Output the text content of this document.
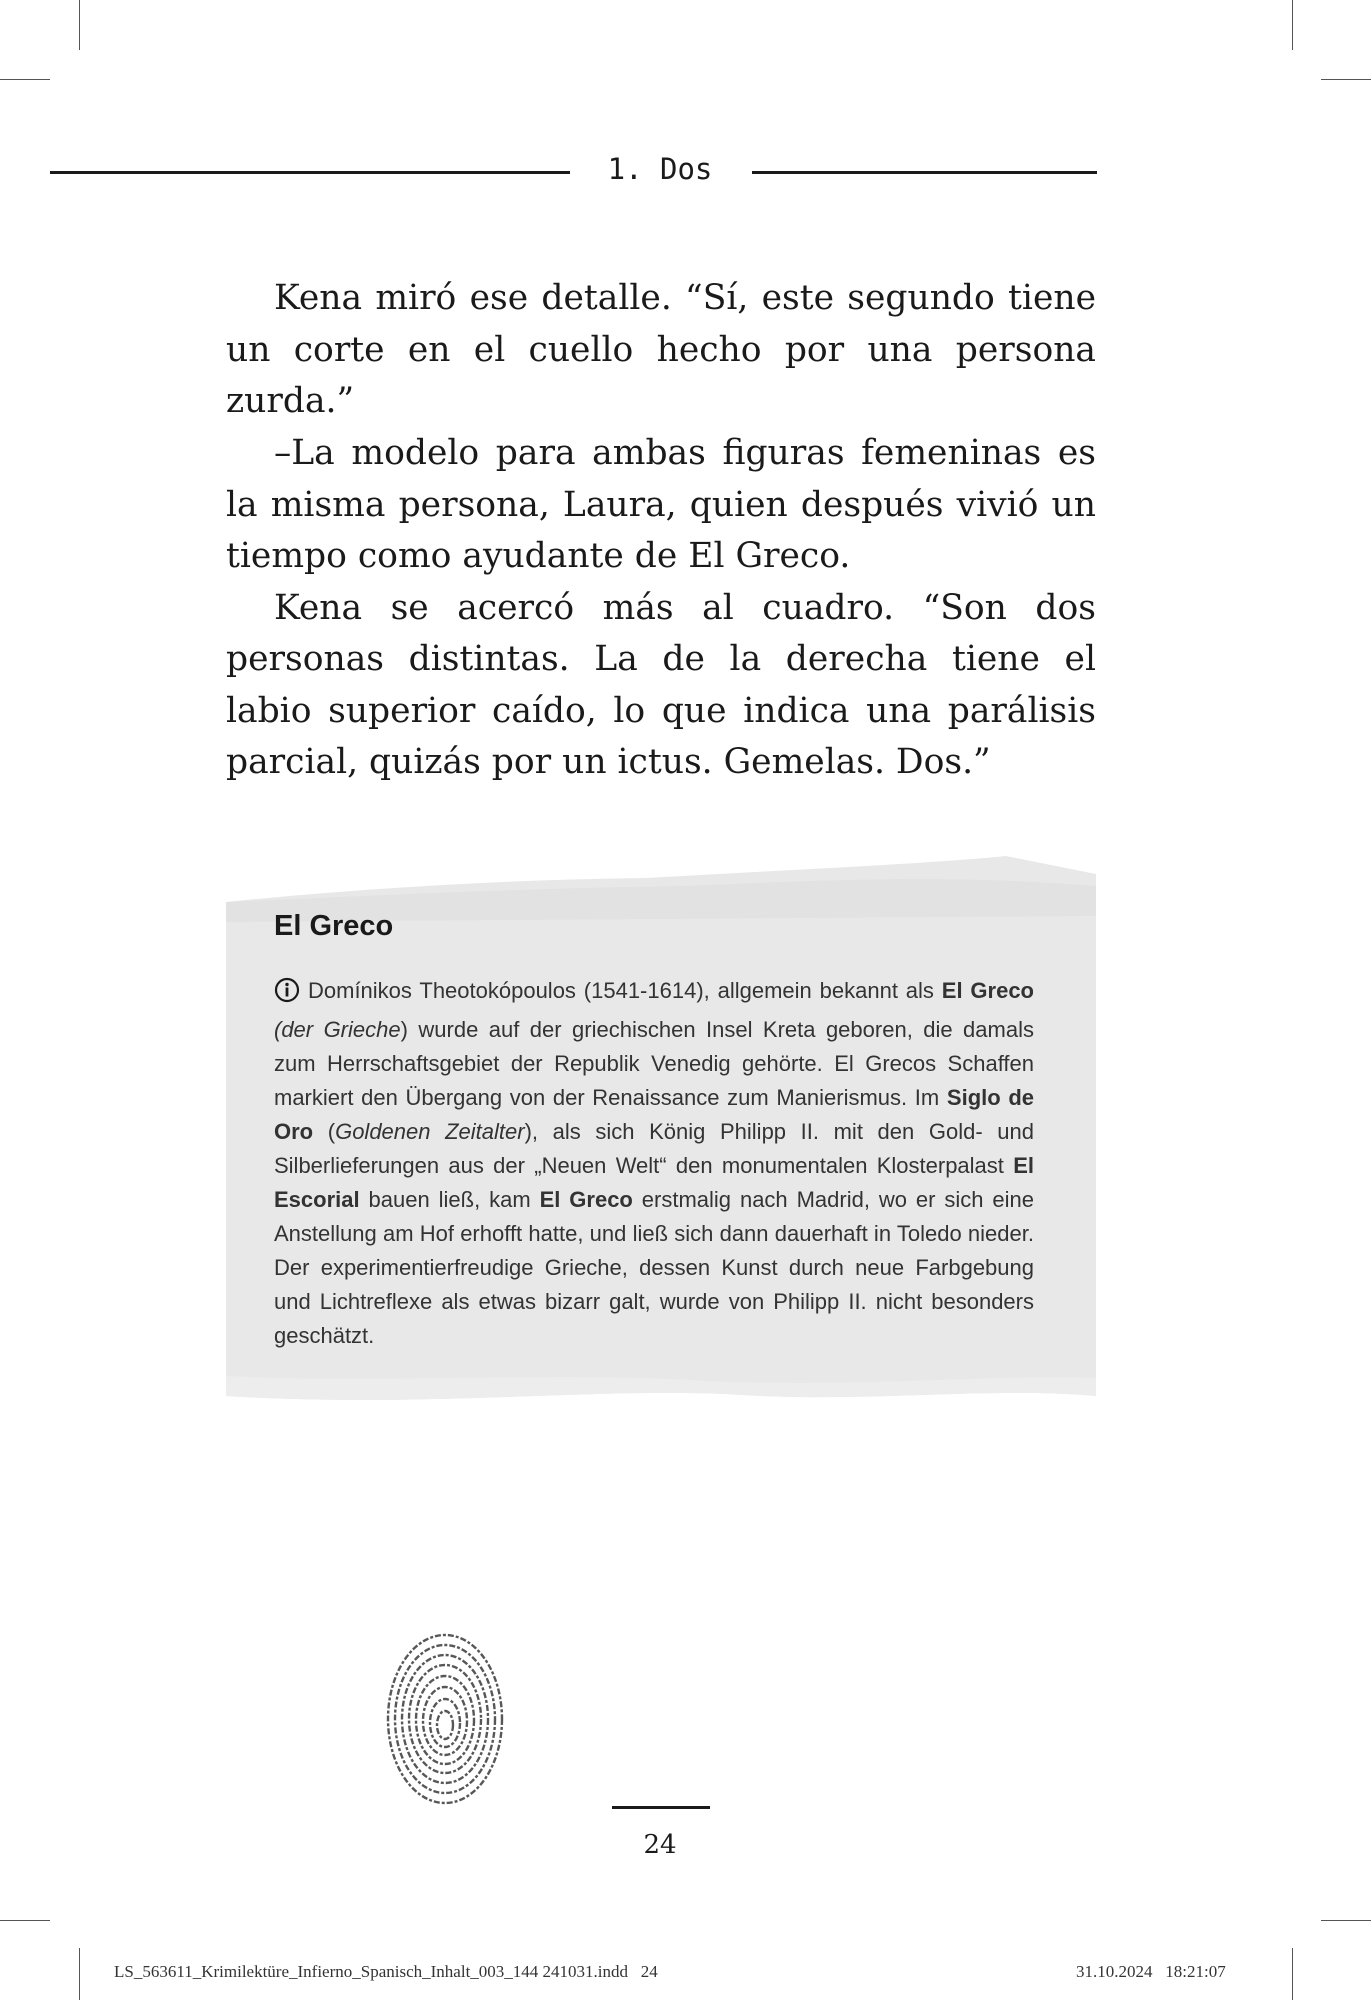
1. Dos

Kena miró ese detalle. “Sí, este segundo tiene un corte en el cuello hecho por una persona zurda.”

–La modelo para ambas figuras femeninas es la misma persona, Laura, quien después vivió un tiempo como ayudante de El Greco.

Kena se acercó más al cuadro. “Son dos personas distintas. La de la derecha tiene el labio superior caído, lo que indica una parálisis parcial, quizás por un ictus. Gemelas. Dos.”

El Greco
Domínikos Theotokópoulos (1541-1614), allgemein bekannt als El Greco (der Grieche) wurde auf der griechischen Insel Kreta geboren, die damals zum Herrschaftsgebiet der Republik Venedig gehörte. El Grecos Schaffen markiert den Übergang von der Renaissance zum Manierismus. Im Siglo de Oro (Goldenen Zeitalter), als sich König Philipp II. mit den Gold- und Silberlieferungen aus der „Neuen Welt“ den monumentalen Klosterpalast El Escorial bauen ließ, kam El Greco erstmalig nach Madrid, wo er sich eine Anstellung am Hof erhofft hatte, und ließ sich dann dauerhaft in Toledo nieder. Der experimentierfreudige Grieche, dessen Kunst durch neue Farbgebung und Lichtreflexe als etwas bizarr galt, wurde von Philipp II. nicht besonders geschätzt.
24
LS_563611_Krimilektüre_Infierno_Spanisch_Inhalt_003_144 241031.indd   24	31.10.2024   18:21:07
